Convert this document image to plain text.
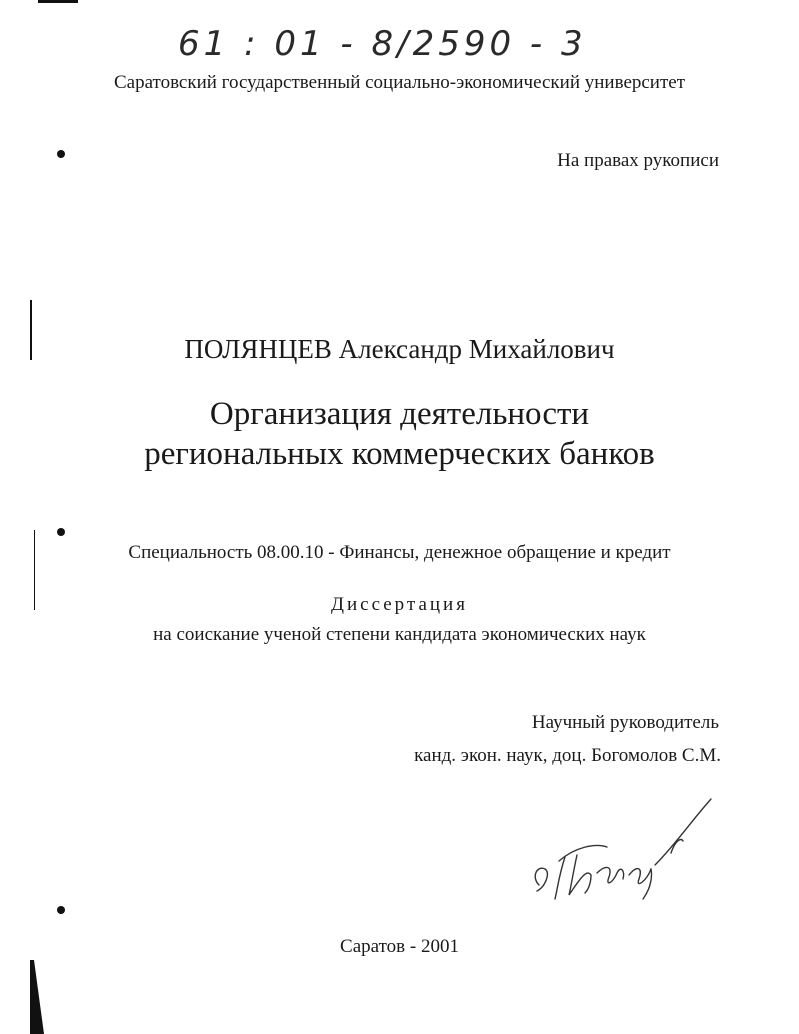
61 : 01 - 8/2590 - 3
Саратовский государственный социально-экономический университет
На правах рукописи
ПОЛЯНЦЕВ Александр Михайлович
Организация деятельности
региональных коммерческих банков
Специальность 08.00.10 - Финансы, денежное обращение и кредит
Диссертация
на соискание ученой степени кандидата экономических наук
Научный руководитель
канд. экон. наук, доц. Богомолов С.М.
Саратов - 2001
